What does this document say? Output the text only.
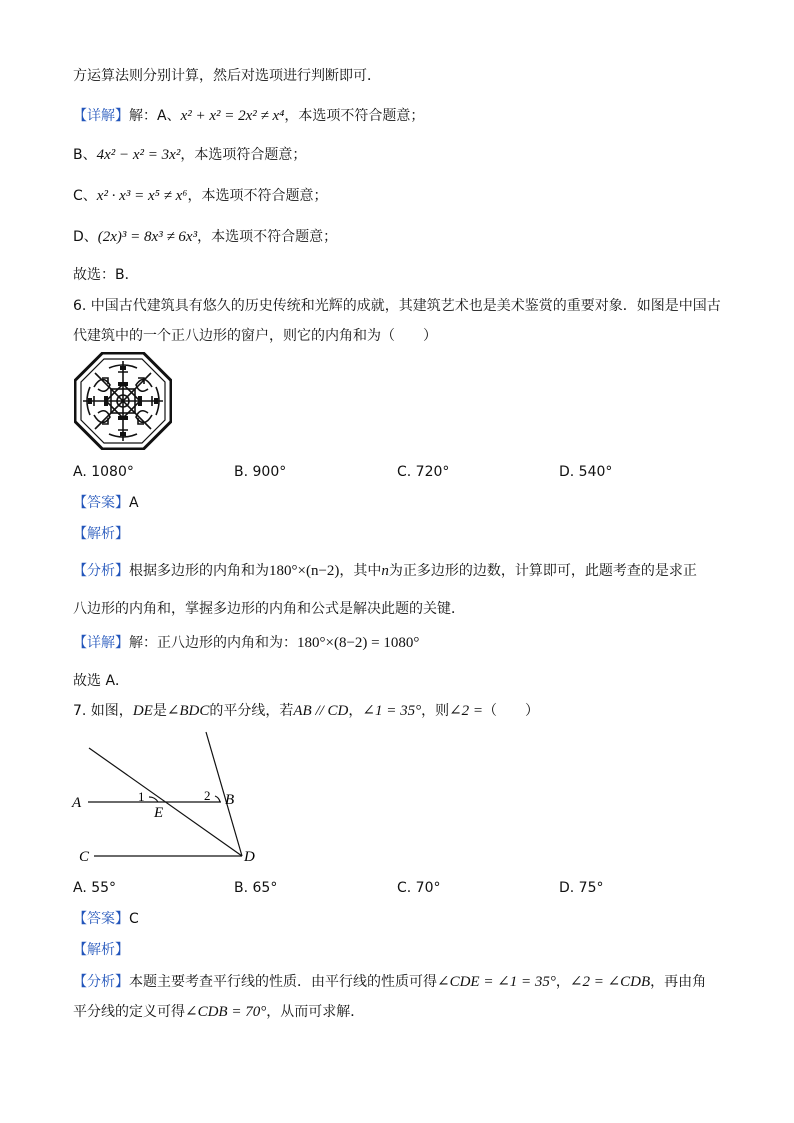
方运算法则分别计算，然后对选项进行判断即可．
【详解】解：A、x² + x² = 2x² ≠ x⁴，本选项不符合题意；
B、4x² − x² = 3x²，本选项符合题意；
C、x² · x³ = x⁵ ≠ x⁶，本选项不符合题意；
D、(2x)³ = 8x³ ≠ 6x³，本选项不符合题意；
故选：B．
6. 中国古代建筑具有悠久的历史传统和光辉的成就，其建筑艺术也是美术鉴赏的重要对象．如图是中国古
代建筑中的一个正八边形的窗户，则它的内角和为（　　）
A. 1080°	B. 900°	C. 720°	D. 540°
【答案】A
【解析】
【分析】根据多边形的内角和为180°×(n−2)，其中n为正多边形的边数，计算即可，此题考查的是求正
八边形的内角和，掌握多边形的内角和公式是解决此题的关键．
【详解】解：正八边形的内角和为：180°×(8−2) = 1080°
故选 A．
7. 如图，DE是∠BDC的平分线，若AB // CD，∠1 = 35°，则∠2 =（　　）
A	1
E
2 B
C	D
A. 55°	B. 65°	C. 70°	D. 75°
【答案】C
【解析】
【分析】本题主要考查平行线的性质．由平行线的性质可得∠CDE = ∠1 = 35°，∠2 = ∠CDB，再由角
平分线的定义可得∠CDB = 70°，从而可求解．
